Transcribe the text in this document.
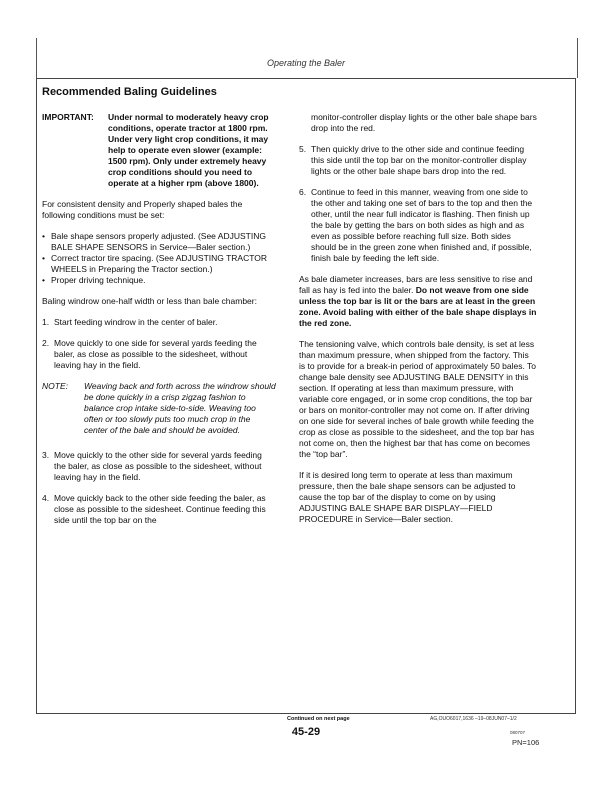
Operating the Baler
Recommended Baling Guidelines
IMPORTANT:	Under normal to moderately heavy crop conditions, operate tractor at 1800 rpm. Under very light crop conditions, it may help to operate even slower (example: 1500 rpm). Only under extremely heavy crop conditions should you need to operate at a higher rpm (above 1800).

For consistent density and Properly shaped bales the following conditions must be set:

• Bale shape sensors properly adjusted. (See ADJUSTING BALE SHAPE SENSORS in Service—Baler section.)
• Correct tractor tire spacing. (See ADJUSTING TRACTOR WHEELS in Preparing the Tractor section.)
• Proper driving technique.

Baling windrow one-half width or less than bale chamber:

1. Start feeding windrow in the center of baler.
2. Move quickly to one side for several yards feeding the baler, as close as possible to the sidesheet, without leaving hay in the field.
NOTE:	Weaving back and forth across the windrow should be done quickly in a crisp zigzag fashion to balance crop intake side-to-side. Weaving too often or too slowly puts too much crop in the center of the bale and should be avoided.
3. Move quickly to the other side for several yards feeding the baler, as close as possible to the sidesheet, without leaving hay in the field.
4. Move quickly back to the other side feeding the baler, as close as possible to the sidesheet. Continue feeding this side until the top bar on the

monitor-controller display lights or the other bale shape bars drop into the red.

5. Then quickly drive to the other side and continue feeding this side until the top bar on the monitor-controller display lights or the other bale shape bars drop into the red.
6. Continue to feed in this manner, weaving from one side to the other and taking one set of bars to the top and then the other, until the near full indicator is flashing. Then finish up the bale by getting the bars on both sides as high and as even as possible before reaching full size. Both sides should be in the green zone when finished and, if possible, finish bale by feeding the left side.

As bale diameter increases, bars are less sensitive to rise and fall as hay is fed into the baler. Do not weave from one side unless the top bar is lit or the bars are at least in the green zone. Avoid baling with either of the bale shape displays in the red zone.

The tensioning valve, which controls bale density, is set at less than maximum pressure, when shipped from the factory. This is to provide for a break-in period of approximately 50 bales. To change bale density see ADJUSTING BALE DENSITY in this section. If operating at less than maximum pressure, with variable core engaged, or in some crop conditions, the top bar or bars on monitor-controller may not come on. If after driving on one side for several inches of bale growth while feeding the crop as close as possible to the sidesheet, and the top bar has not come on, then the highest bar that has come on becomes the “top bar”.

If it is desired long term to operate at less than maximum pressure, then the bale shape sensors can be adjusted to cause the top bar of the display to come on by using ADJUSTING BALE SHAPE BAR DISPLAY—FIELD PROCEDURE in Service—Baler section.

Continued on next page	AG,OUO6017,1636 –19–08JUN07–1/2
45-29	080707
PN=106
